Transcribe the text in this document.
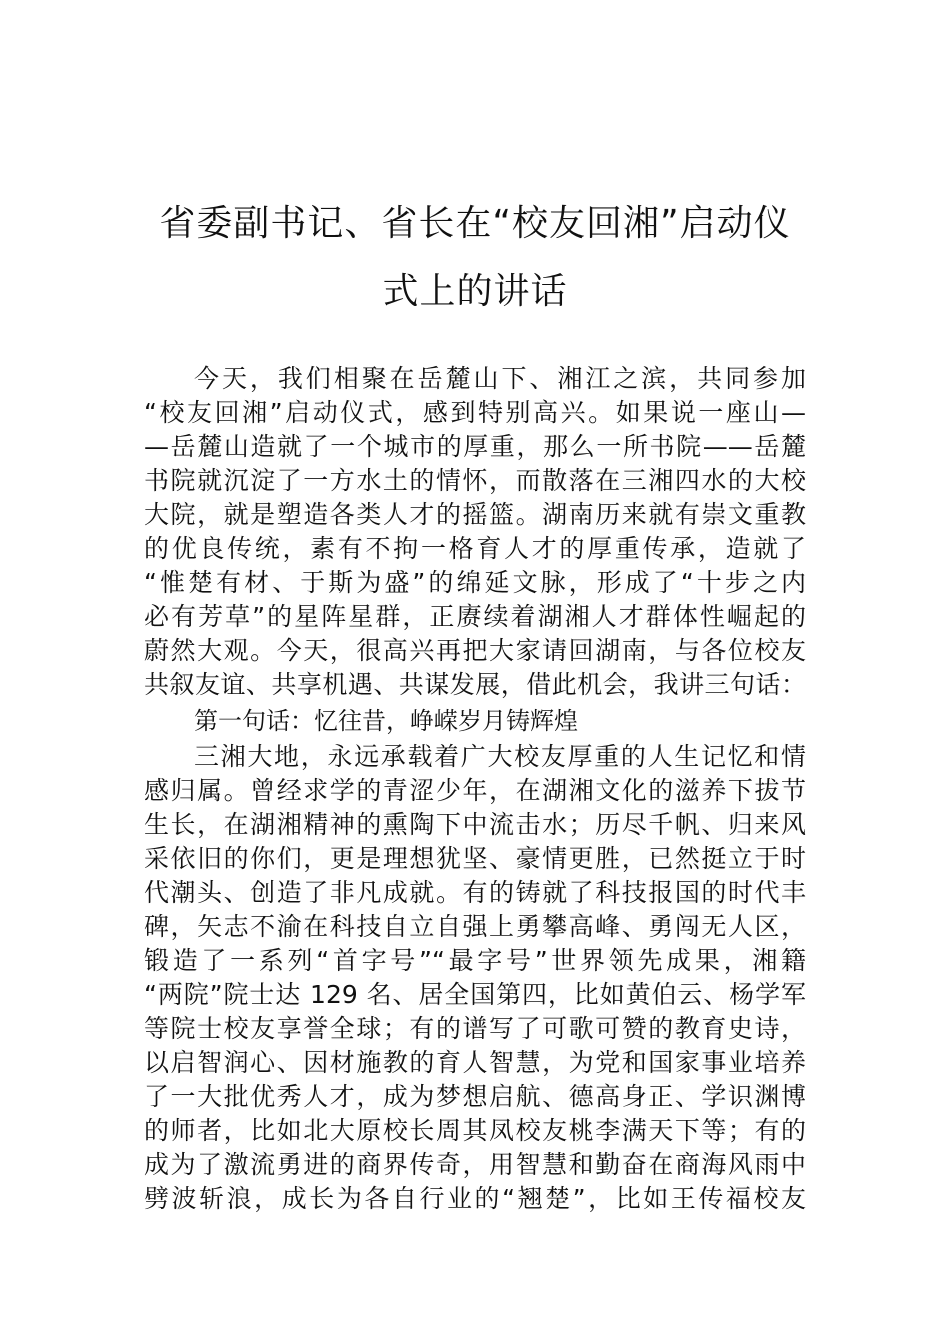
省委副书记、省长在“校友回湘”启动仪
式上的讲话

今天，我们相聚在岳麓山下、湘江之滨，共同参加

“校友回湘”启动仪式，感到特别高兴。如果说一座山—

—岳麓山造就了一个城市的厚重，那么一所书院——岳麓

书院就沉淀了一方水土的情怀，而散落在三湘四水的大校

大院，就是塑造各类人才的摇篮。湖南历来就有崇文重教

的优良传统，素有不拘一格育人才的厚重传承，造就了

“惟楚有材、于斯为盛”的绵延文脉，形成了“十步之内

必有芳草”的星阵星群，正赓续着湖湘人才群体性崛起的

蔚然大观。今天，很高兴再把大家请回湖南，与各位校友

共叙友谊、共享机遇、共谋发展，借此机会，我讲三句话：

第一句话：忆往昔，峥嵘岁月铸辉煌

三湘大地，永远承载着广大校友厚重的人生记忆和情

感归属。曾经求学的青涩少年，在湖湘文化的滋养下拔节

生长，在湖湘精神的熏陶下中流击水；历尽千帆、归来风

采依旧的你们，更是理想犹坚、豪情更胜，已然挺立于时

代潮头、创造了非凡成就。有的铸就了科技报国的时代丰

碑，矢志不渝在科技自立自强上勇攀高峰、勇闯无人区，

锻造了一系列“首字号”“最字号”世界领先成果，湘籍

“两院”院士达 129 名、居全国第四，比如黄伯云、杨学军

等院士校友享誉全球；有的谱写了可歌可赞的教育史诗，

以启智润心、因材施教的育人智慧，为党和国家事业培养

了一大批优秀人才，成为梦想启航、德高身正、学识渊博

的师者，比如北大原校长周其凤校友桃李满天下等；有的

成为了激流勇进的商界传奇，用智慧和勤奋在商海风雨中

劈波斩浪，成长为各自行业的“翘楚”，比如王传福校友
